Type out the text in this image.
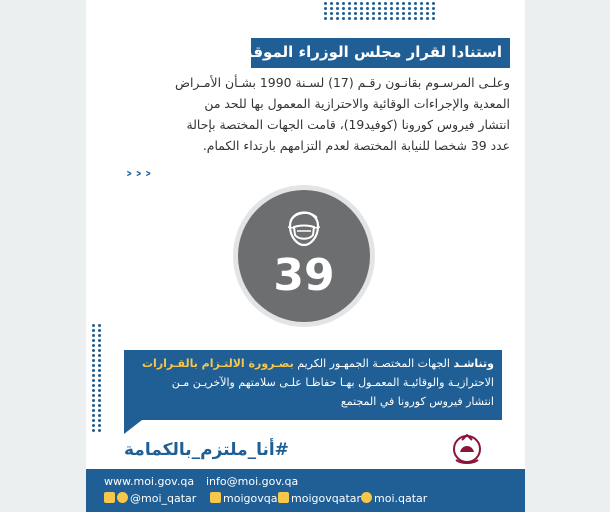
استنادا لقرار مجلس الوزراء الموقر

وعلـى المرسـوم بقانـون رقـم (17) لسـنة 1990 بشـأن الأمـراض

المعدية والإجراءات الوقائية والاحترازية المعمول بها للحد من

انتشار فيروس كورونا (كوفيد19)، قامت الجهات المختصة بإحالة

عدد 39 شخصا للنيابة المختصة لعدم التزامهم بارتداء الكمام.

˃˃˃
39

وتناشـد الجهات المختصـة الجمهـور الكريم بضـرورة الالتـزام بالقـرارات

الاحترازيـة والوقائيـة المعمـول بهـا حفاظـا علـى سلامتهم والآخريـن مـن

انتشار فيروس كورونا في المجتمع

#أنا_ملتزم_بالكمامة
www.moi.gov.qa info@moi.gov.qa
@moi_qatar	moigovqa	moigovqatar	moi.qatar
